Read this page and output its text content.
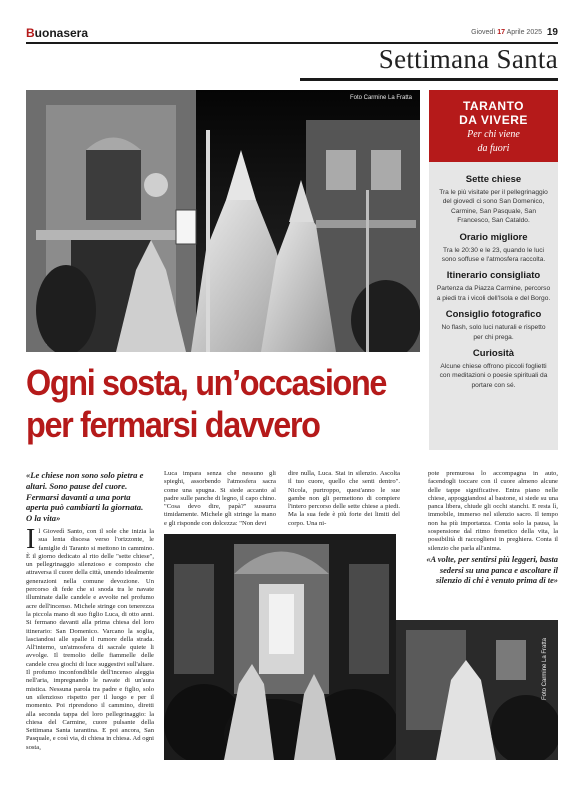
Buonasera	Giovedì 17 Aprile 2025 19
Settimana Santa
Foto Carmine La Fratta
TARANTO
DA VIVERE
Per chi viene
da fuori
Sette chiese
Tra le più visitate per il pellegrinaggio del giovedì ci sono San Domenico, Carmine, San Pasquale, San Francesco, San Cataldo.
Orario migliore
Tra le 20:30 e le 23, quando le luci sono soffuse e l'atmosfera raccolta.
Itinerario consigliato
Partenza da Piazza Carmine, percorso a piedi tra i vicoli dell'Isola e del Borgo.
Consiglio fotografico
No flash, solo luci naturali e rispetto per chi prega.
Curiosità
Alcune chiese offrono piccoli foglietti con meditazioni o poesie spirituali da portare con sé.
Ogni sosta, un’occasione
per fermarsi davvero
«Le chiese non sono solo pietra e altari. Sono pause del cuore. Fermarsi davanti a una porta aperta può cambiarti la giornata. O la vita»
I l Giovedì Santo, con il sole che inizia la sua lenta discesa verso l'orizzonte, le famiglie di Taranto si mettono in cammino. È il giorno dedicato al rito delle "sette chiese", un pellegrinaggio silenzioso e composto che attraversa il cuore della città, unendo idealmente generazioni nella comune devozione. Un percorso di fede che si snoda tra le navate illuminate dalle candele e avvolte nel profumo acre dell'incenso. Michele stringe con tenerezza la piccola mano di suo figlio Luca, di otto anni. Si fermano davanti alla prima chiesa del loro itinerario: San Domenico. Varcano la soglia, lasciandosi alle spalle il rumore della strada. All'interno, un'atmosfera di sacrale quiete li avvolge. Il tremolio delle fiammelle delle candele crea giochi di luce suggestivi sull'altare. Il profumo inconfondibile dell'incenso aleggia nell'aria, impregnando le navate di un'aura mistica. Nessuna parola tra padre e figlio, solo un silenzioso rispetto per il luogo e per il momento. Poi riprendono il cammino, diretti alla seconda tappa del loro pellegrinaggio: la chiesa del Carmine, cuore pulsante della Settimana Santa tarantina. E poi ancora, San Pasquale, e così via, di chiesa in chiesa. Ad ogni sosta,
Luca impara senza che nessuno gli spieghi, assorbendo l'atmosfera sacra come una spugna. Si siede accanto al padre sulle panche di legno, il capo chino. "Cosa devo dire, papà?" sussurra timidamente. Michele gli stringe la mano e gli risponde con dolcezza: "Non devi
dire nulla, Luca. Stai in silenzio. Ascolta il tuo cuore, quello che senti dentro". Nicola, purtroppo, quest'anno le sue gambe non gli permettono di compiere l'intero percorso delle sette chiese a piedi. Ma la sua fede è più forte dei limiti del corpo. Una ni-
pote premurosa lo accompagna in auto, facendogli toccare con il cuore almeno alcune delle tappe significative. Entra piano nelle chiese, appoggiandosi al bastone, si siede su una panca libera, chiude gli occhi stanchi. E resta lì, immobile, immerso nel silenzio sacro. Il tempo non ha più importanza. Conta solo la pausa, la sospensione dal ritmo frenetico della vita, la possibilità di raccogliersi in preghiera. Conta il silenzio che parla all'anima.
«A volte, per sentirsi più leggeri, basta sedersi su una panca e ascoltare il silenzio di chi è venuto prima di te»
Foto Carmine La Fratta
